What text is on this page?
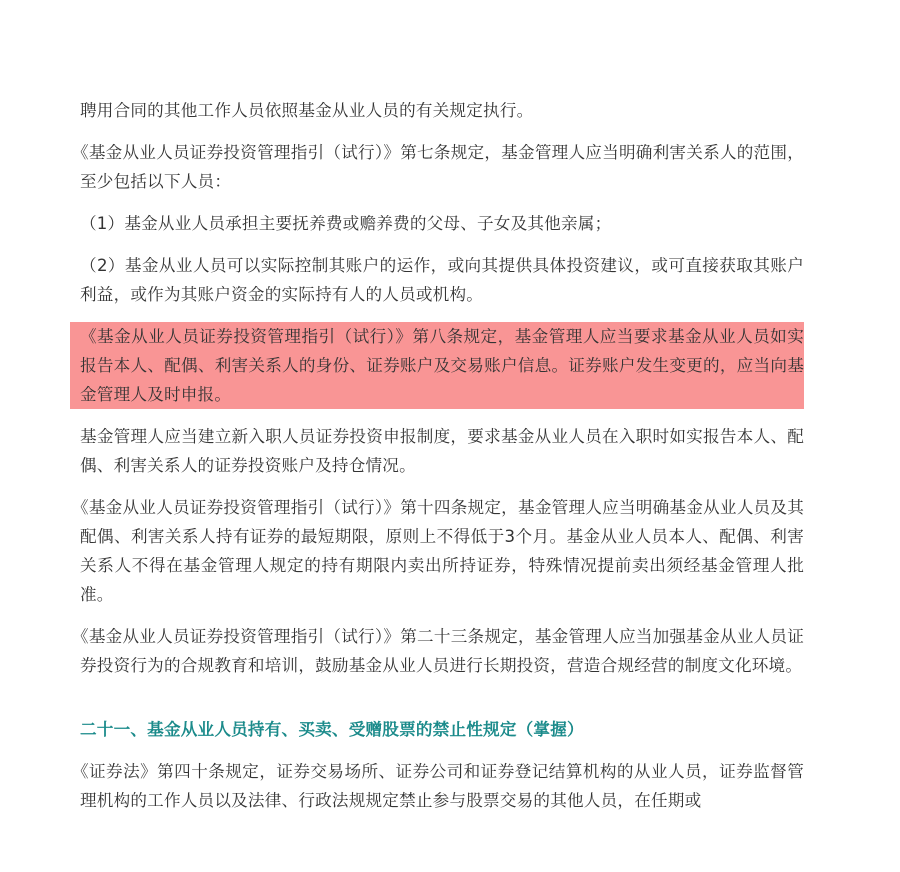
聘用合同的其他工作人员依照基金从业人员的有关规定执行。

《基金从业人员证券投资管理指引（试行）》第七条规定，基金管理人应当明确利害关系人的范围，至少包括以下人员：

（1）基金从业人员承担主要抚养费或赡养费的父母、子女及其他亲属；

（2）基金从业人员可以实际控制其账户的运作，或向其提供具体投资建议，或可直接获取其账户利益，或作为其账户资金的实际持有人的人员或机构。

《基金从业人员证券投资管理指引（试行）》第八条规定，基金管理人应当要求基金从业人员如实报告本人、配偶、利害关系人的身份、证券账户及交易账户信息。证券账户发生变更的，应当向基金管理人及时申报。

基金管理人应当建立新入职人员证券投资申报制度，要求基金从业人员在入职时如实报告本人、配偶、利害关系人的证券投资账户及持仓情况。

《基金从业人员证券投资管理指引（试行）》第十四条规定，基金管理人应当明确基金从业人员及其配偶、利害关系人持有证券的最短期限，原则上不得低于3个月。基金从业人员本人、配偶、利害关系人不得在基金管理人规定的持有期限内卖出所持证券，特殊情况提前卖出须经基金管理人批准。

《基金从业人员证券投资管理指引（试行）》第二十三条规定，基金管理人应当加强基金从业人员证券投资行为的合规教育和培训，鼓励基金从业人员进行长期投资，营造合规经营的制度文化环境。

二十一、基金从业人员持有、买卖、受赠股票的禁止性规定（掌握）

《证券法》第四十条规定，证券交易场所、证券公司和证券登记结算机构的从业人员，证券监督管理机构的工作人员以及法律、行政法规规定禁止参与股票交易的其他人员，在任期或
